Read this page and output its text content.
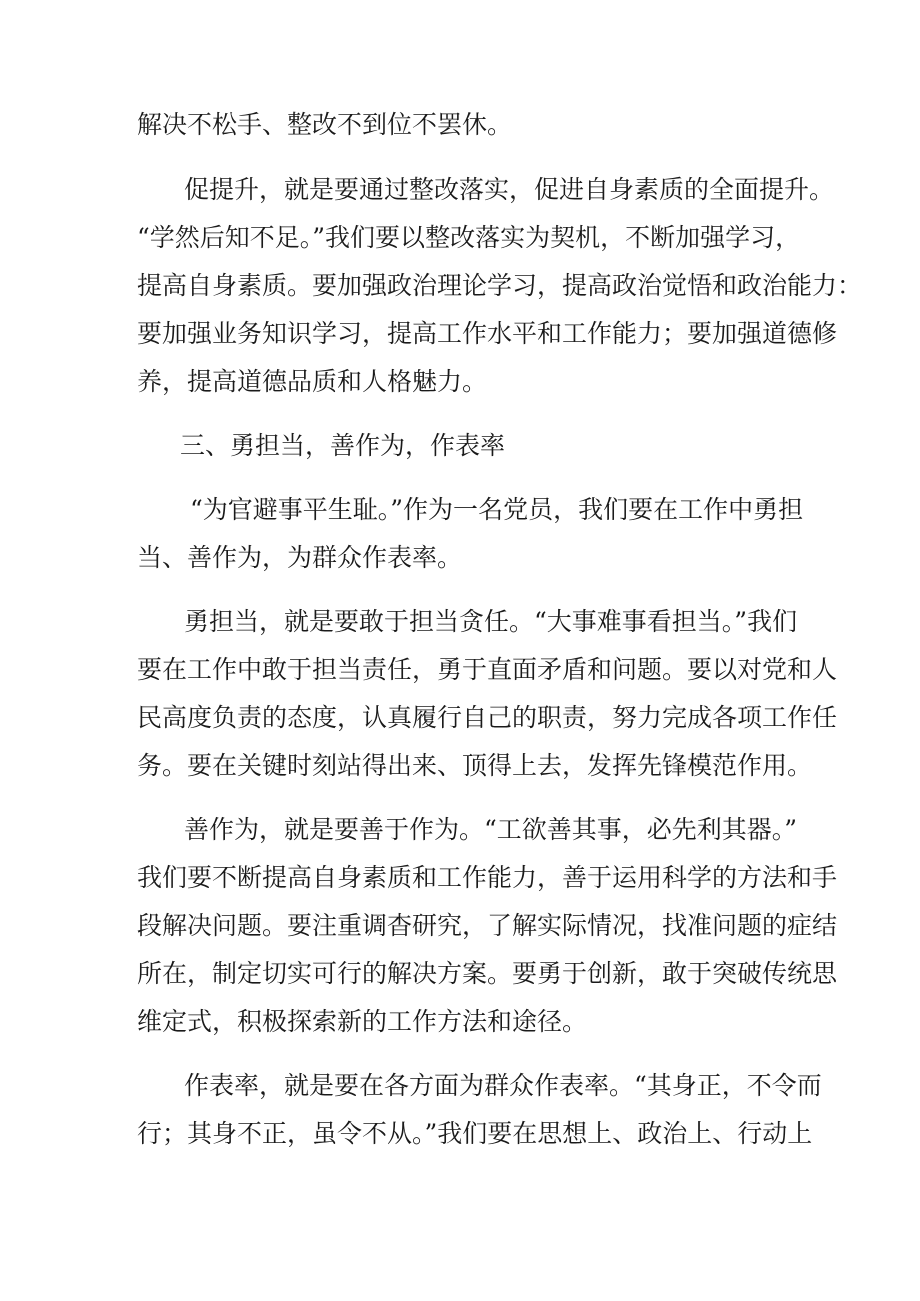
解决不松手、整改不到位不罢休。
促提升，就是要通过整改落实，促进自身素质的全面提升。
“学然后知不足。”我们要以整改落实为契机，不断加强学习，
提高自身素质。要加强政治理论学习，提高政治觉悟和政治能力：
要加强业务知识学习，提高工作水平和工作能力；要加强道德修
养，提高道德品质和人格魅力。
三、勇担当，善作为，作表率
“为官避事平生耻。”作为一名党员，我们要在工作中勇担
当、善作为，为群众作表率。
勇担当，就是要敢于担当贪任。“大事难事看担当。”我们
要在工作中敢于担当责任，勇于直面矛盾和问题。要以对党和人
民高度负责的态度，认真履行自己的职责，努力完成各项工作任
务。要在关键时刻站得出来、顶得上去，发挥先锋模范作用。
善作为，就是要善于作为。“工欲善其事，必先利其器。”
我们要不断提高自身素质和工作能力，善于运用科学的方法和手
段解决问题。要注重调杳研究，了解实际情况，找准问题的症结
所在，制定切实可行的解决方案。要勇于创新，敢于突破传统思
维定式，积极探索新的工作方法和途径。
作表率，就是要在各方面为群众作表率。“其身正，不令而
行；其身不正，虽令不从。”我们要在思想上、政治上、行动上
